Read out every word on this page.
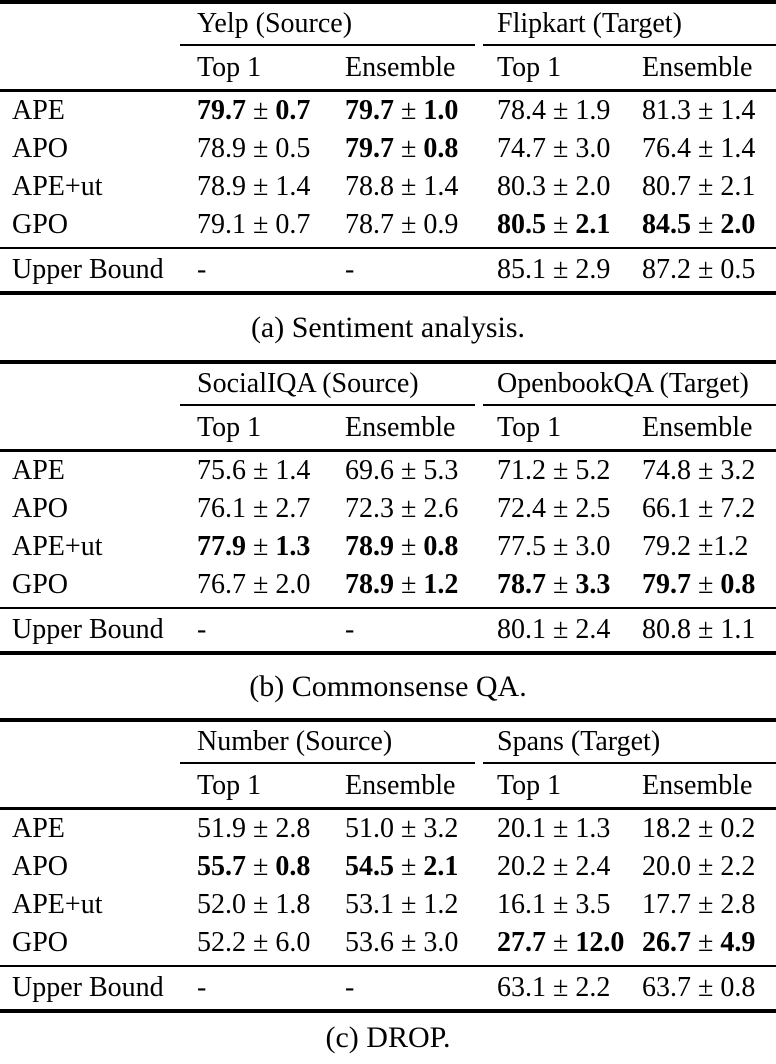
Yelp (Source)	Flipkart (Target)
Top 1	Ensemble	Top 1	Ensemble
APE	79.7 ± 0.7	79.7 ± 1.0	78.4 ± 1.9	81.3 ± 1.4
APO	78.9 ± 0.5	79.7 ± 0.8	74.7 ± 3.0	76.4 ± 1.4
APE+ut	78.9 ± 1.4	78.8 ± 1.4	80.3 ± 2.0	80.7 ± 2.1
GPO	79.1 ± 0.7	78.7 ± 0.9	80.5 ± 2.1	84.5 ± 2.0
Upper Bound	-	-	85.1 ± 2.9	87.2 ± 0.5
(a) Sentiment analysis.
SocialIQA (Source)	OpenbookQA (Target)
Top 1	Ensemble	Top 1	Ensemble
APE	75.6 ± 1.4	69.6 ± 5.3	71.2 ± 5.2	74.8 ± 3.2
APO	76.1 ± 2.7	72.3 ± 2.6	72.4 ± 2.5	66.1 ± 7.2
APE+ut	77.9 ± 1.3	78.9 ± 0.8	77.5 ± 3.0	79.2 ±1.2
GPO	76.7 ± 2.0	78.9 ± 1.2	78.7 ± 3.3	79.7 ± 0.8
Upper Bound	-	-	80.1 ± 2.4	80.8 ± 1.1
(b) Commonsense QA.
Number (Source)	Spans (Target)
Top 1	Ensemble	Top 1	Ensemble
APE	51.9 ± 2.8	51.0 ± 3.2	20.1 ± 1.3	18.2 ± 0.2
APO	55.7 ± 0.8	54.5 ± 2.1	20.2 ± 2.4	20.0 ± 2.2
APE+ut	52.0 ± 1.8	53.1 ± 1.2	16.1 ± 3.5	17.7 ± 2.8
GPO	52.2 ± 6.0	53.6 ± 3.0	27.7 ± 12.0 26.7 ± 4.9
Upper Bound	-	-	63.1 ± 2.2	63.7 ± 0.8
(c) DROP.
